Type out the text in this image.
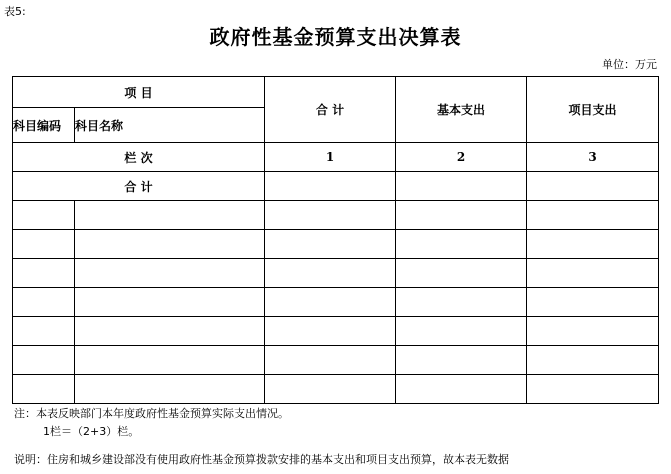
表5:
政府性基金预算支出决算表
单位：万元
项 目		合 计	基本支出	项目支出
科目编码	科目名称			
栏 次		1	2	3
合 计				

注：本表反映部门本年度政府性基金预算实际支出情况。
1栏＝（2+3）栏。
说明：住房和城乡建设部没有使用政府性基金预算拨款安排的基本支出和项目支出预算，故本表无数据
